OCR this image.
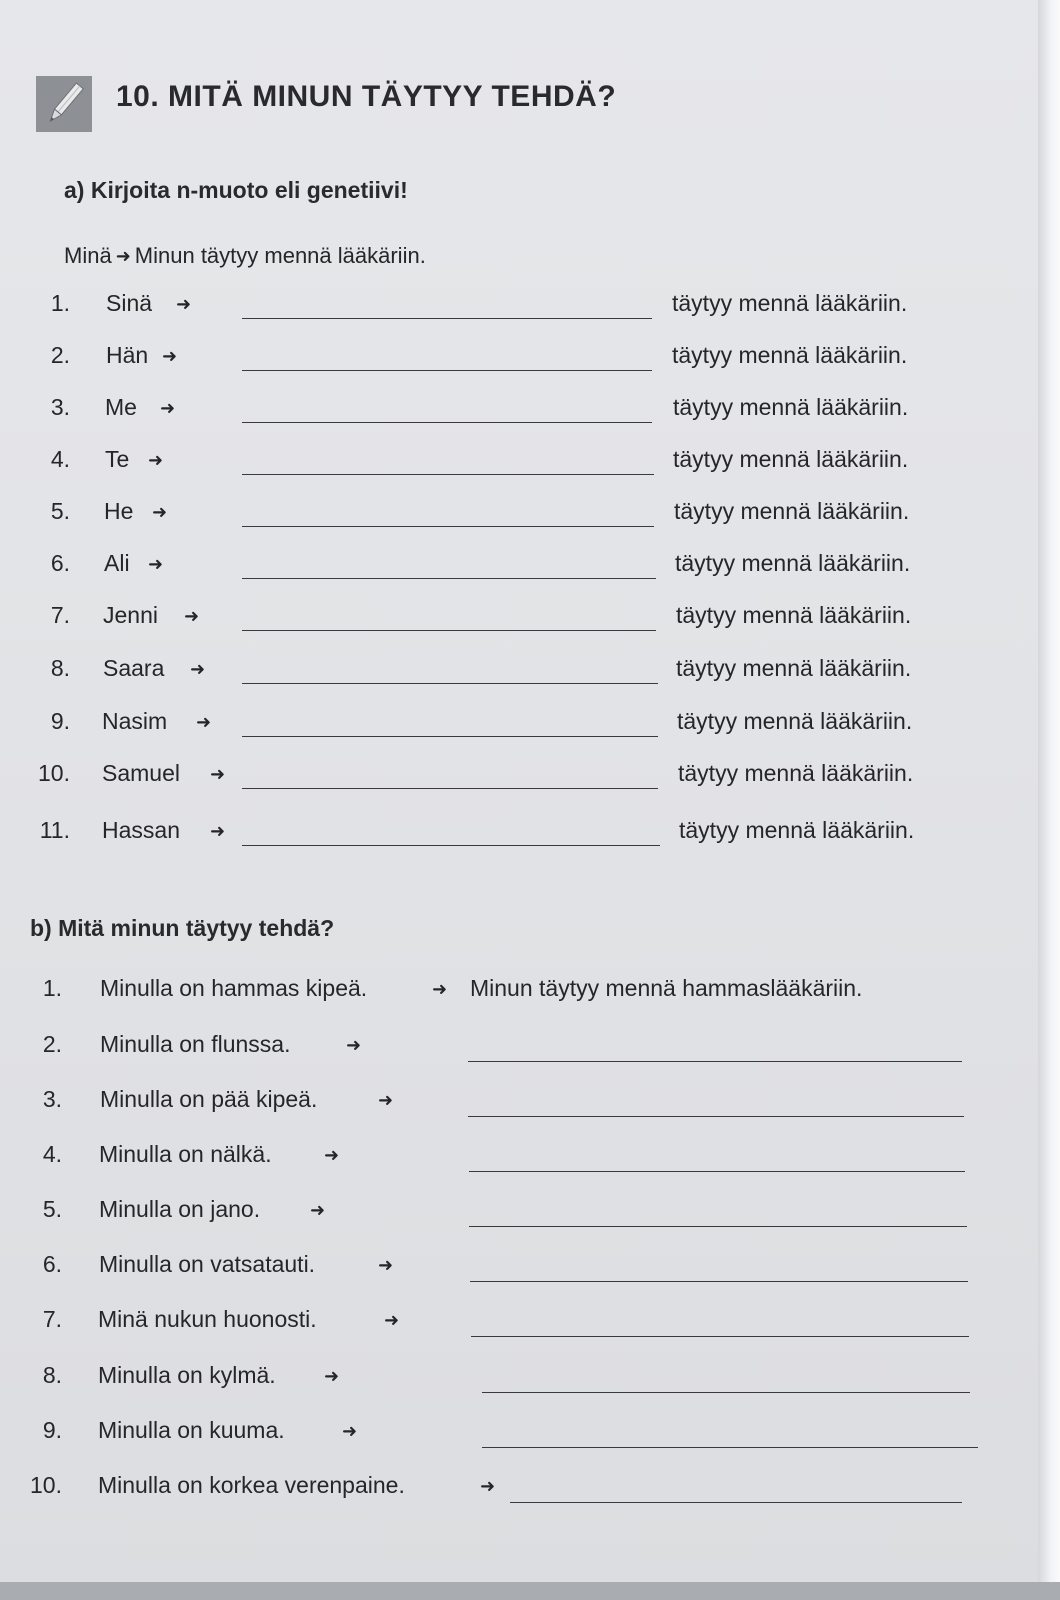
10. MITÄ MINUN TÄYTYY TEHDÄ?
a) Kirjoita n-muoto eli genetiivi!
Minä ➜ Minun täytyy mennä lääkäriin.
1. Sinä ➜	täytyy mennä lääkäriin.
2. Hän ➜	täytyy mennä lääkäriin.
3. Me ➜	täytyy mennä lääkäriin.
4. Te ➜	täytyy mennä lääkäriin.
5. He ➜	täytyy mennä lääkäriin.
6. Ali ➜	täytyy mennä lääkäriin.
7. Jenni ➜	täytyy mennä lääkäriin.
8. Saara ➜	täytyy mennä lääkäriin.
9. Nasim ➜	täytyy mennä lääkäriin.
10. Samuel ➜	täytyy mennä lääkäriin.
11. Hassan ➜	täytyy mennä lääkäriin.
b) Mitä minun täytyy tehdä?
1. Minulla on hammas kipeä.	➜ Minun täytyy mennä hammaslääkäriin.
2. Minulla on flunssa.	➜
3. Minulla on pää kipeä.	➜
4. Minulla on nälkä.	➜
5. Minulla on jano.	➜
6. Minulla on vatsatauti.	➜
7. Minä nukun huonosti.	➜
8. Minulla on kylmä.	➜
9. Minulla on kuuma.	➜
10. Minulla on korkea verenpaine.	➜
